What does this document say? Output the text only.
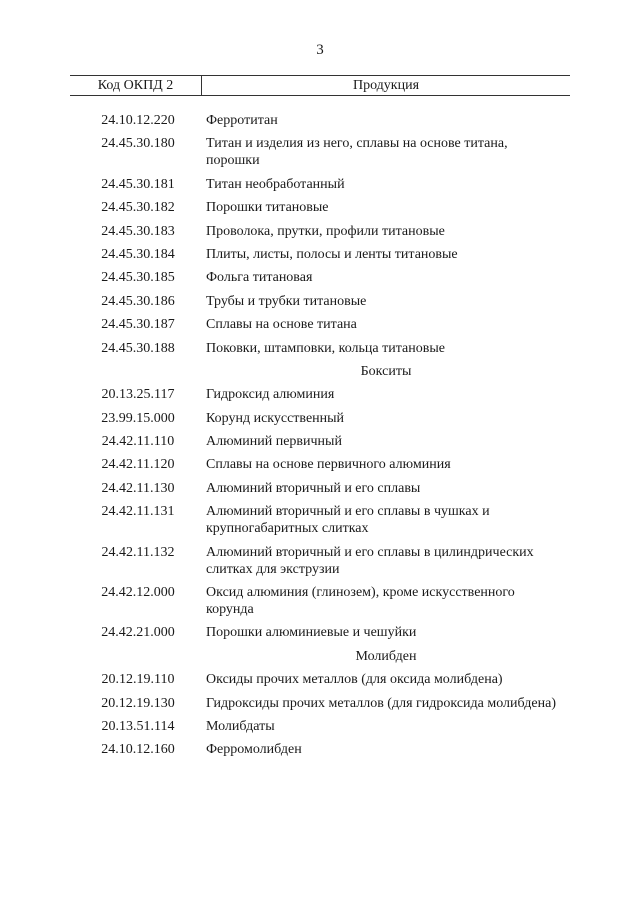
3
Код ОКПД 2	Продукция
24.10.12.220	Ферротитан
24.45.30.180	Титан и изделия из него, сплавы на основе титана, порошки
24.45.30.181	Титан необработанный
24.45.30.182	Порошки титановые
24.45.30.183	Проволока, прутки, профили титановые
24.45.30.184	Плиты, листы, полосы и ленты титановые
24.45.30.185	Фольга титановая
24.45.30.186	Трубы и трубки титановые
24.45.30.187	Сплавы на основе титана
24.45.30.188	Поковки, штамповки, кольца титановые
Бокситы
20.13.25.117	Гидроксид алюминия
23.99.15.000	Корунд искусственный
24.42.11.110	Алюминий первичный
24.42.11.120	Сплавы на основе первичного алюминия
24.42.11.130	Алюминий вторичный и его сплавы
24.42.11.131	Алюминий вторичный и его сплавы в чушках и крупногабаритных слитках
24.42.11.132	Алюминий вторичный и его сплавы в цилиндрических слитках для экструзии
24.42.12.000	Оксид алюминия (глинозем), кроме искусственного корунда
24.42.21.000	Порошки алюминиевые и чешуйки
Молибден
20.12.19.110	Оксиды прочих металлов (для оксида молибдена)
20.12.19.130	Гидроксиды прочих металлов (для гидроксида молибдена)
20.13.51.114	Молибдаты
24.10.12.160	Ферромолибден
